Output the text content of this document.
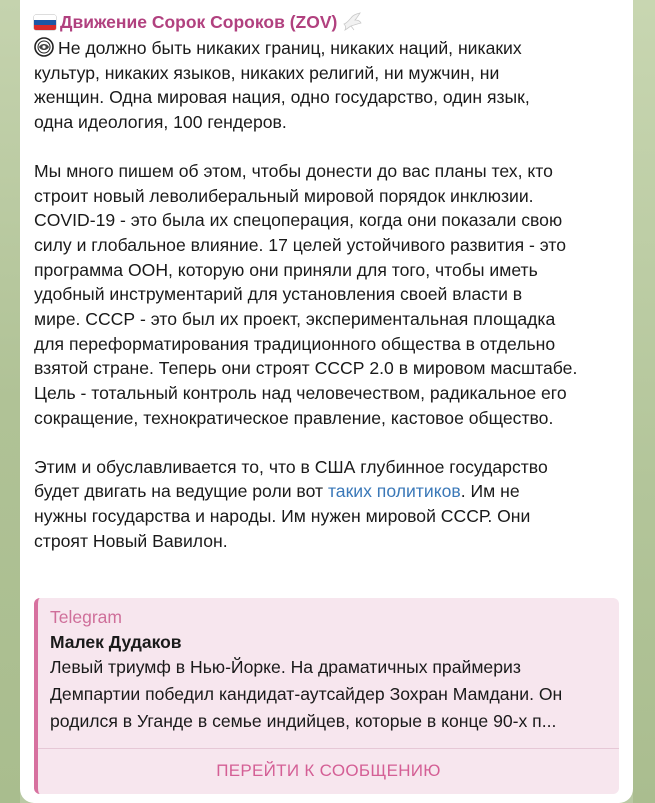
Движение Сорок Сороков (ZOV)

Не должно быть никаких границ, никаких наций, никаких
культур, никаких языков, никаких религий, ни мужчин, ни
женщин. Одна мировая нация, одно государство, один язык,
одна идеология, 100 гендеров.

Мы много пишем об этом, чтобы донести до вас планы тех, кто
строит новый леволиберальный мировой порядок инклюзии.
COVID-19 - это была их спецоперация, когда они показали свою
силу и глобальное влияние. 17 целей устойчивого развития - это
программа ООН, которую они приняли для того, чтобы иметь
удобный инструментарий для установления своей власти в
мире. СССР - это был их проект, экспериментальная площадка
для переформатирования традиционного общества в отдельно
взятой стране. Теперь они строят СССР 2.0 в мировом масштабе.
Цель - тотальный контроль над человечеством, радикальное его
сокращение, технократическое правление, кастовое общество.

Этим и обуславливается то, что в США глубинное государство
будет двигать на ведущие роли вот таких политиков. Им не
нужны государства и народы. Им нужен мировой СССР. Они
строят Новый Вавилон.

Telegram
Малек Дудаков
Левый триумф в Нью-Йорке. На драматичных праймериз
Демпартии победил кандидат-аутсайдер Зохран Мамдани. Он
родился в Уганде в семье индийцев, которые в конце 90-х п...
ПЕРЕЙТИ К СООБЩЕНИЮ
